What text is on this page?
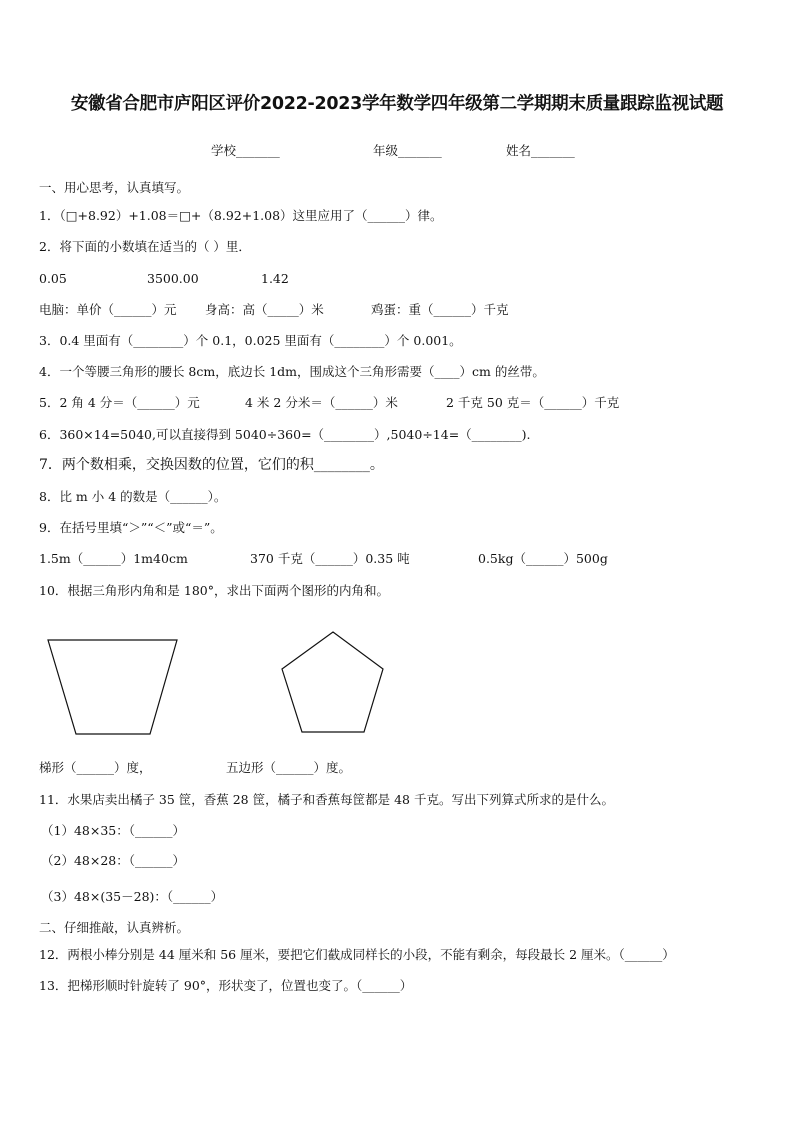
安徽省合肥市庐阳区评价2022-2023学年数学四年级第二学期期末质量跟踪监视试题
学校_______	年级_______	姓名_______
一、用心思考，认真填写。
1．（□+8.92）+1.08＝□+（8.92+1.08）这里应用了（______）律。
2．将下面的小数填在适当的（ ）里．
0.05	3500.00	1.42
电脑：单价（______）元 身高：高（_____）米	鸡蛋：重（______）千克
3．0.4 里面有（________）个 0.1，0.025 里面有（________）个 0.001。
4．一个等腰三角形的腰长 8cm，底边长 1dm，围成这个三角形需要（____）cm 的丝带。
5．2 角 4 分＝（______）元	4 米 2 分米＝（______）米	2 千克 50 克＝（______）千克
6．360×14=5040,可以直接得到 5040÷360=（________）,5040÷14=（________).
7．两个数相乘，交换因数的位置，它们的积________。
8．比 m 小 4 的数是（______）。
9．在括号里填“＞”“＜”或“＝”。
1.5m（______）1m40cm	370 千克（______）0.35 吨	0.5kg（______）500g
10．根据三角形内角和是 180°，求出下面两个图形的内角和。
梯形（______）度，	五边形（______）度。
11．水果店卖出橘子 35 筐，香蕉 28 筐，橘子和香蕉每筐都是 48 千克。写出下列算式所求的是什么。
（1）48×35：（______）
（2）48×28：（______）
（3）48×(35－28)：（______）
二、仔细推敲，认真辨析。
12．两根小棒分别是 44 厘米和 56 厘米，要把它们截成同样长的小段，不能有剩余，每段最长 2 厘米。（______）
13．把梯形顺时针旋转了 90°，形状变了，位置也变了。（______）
